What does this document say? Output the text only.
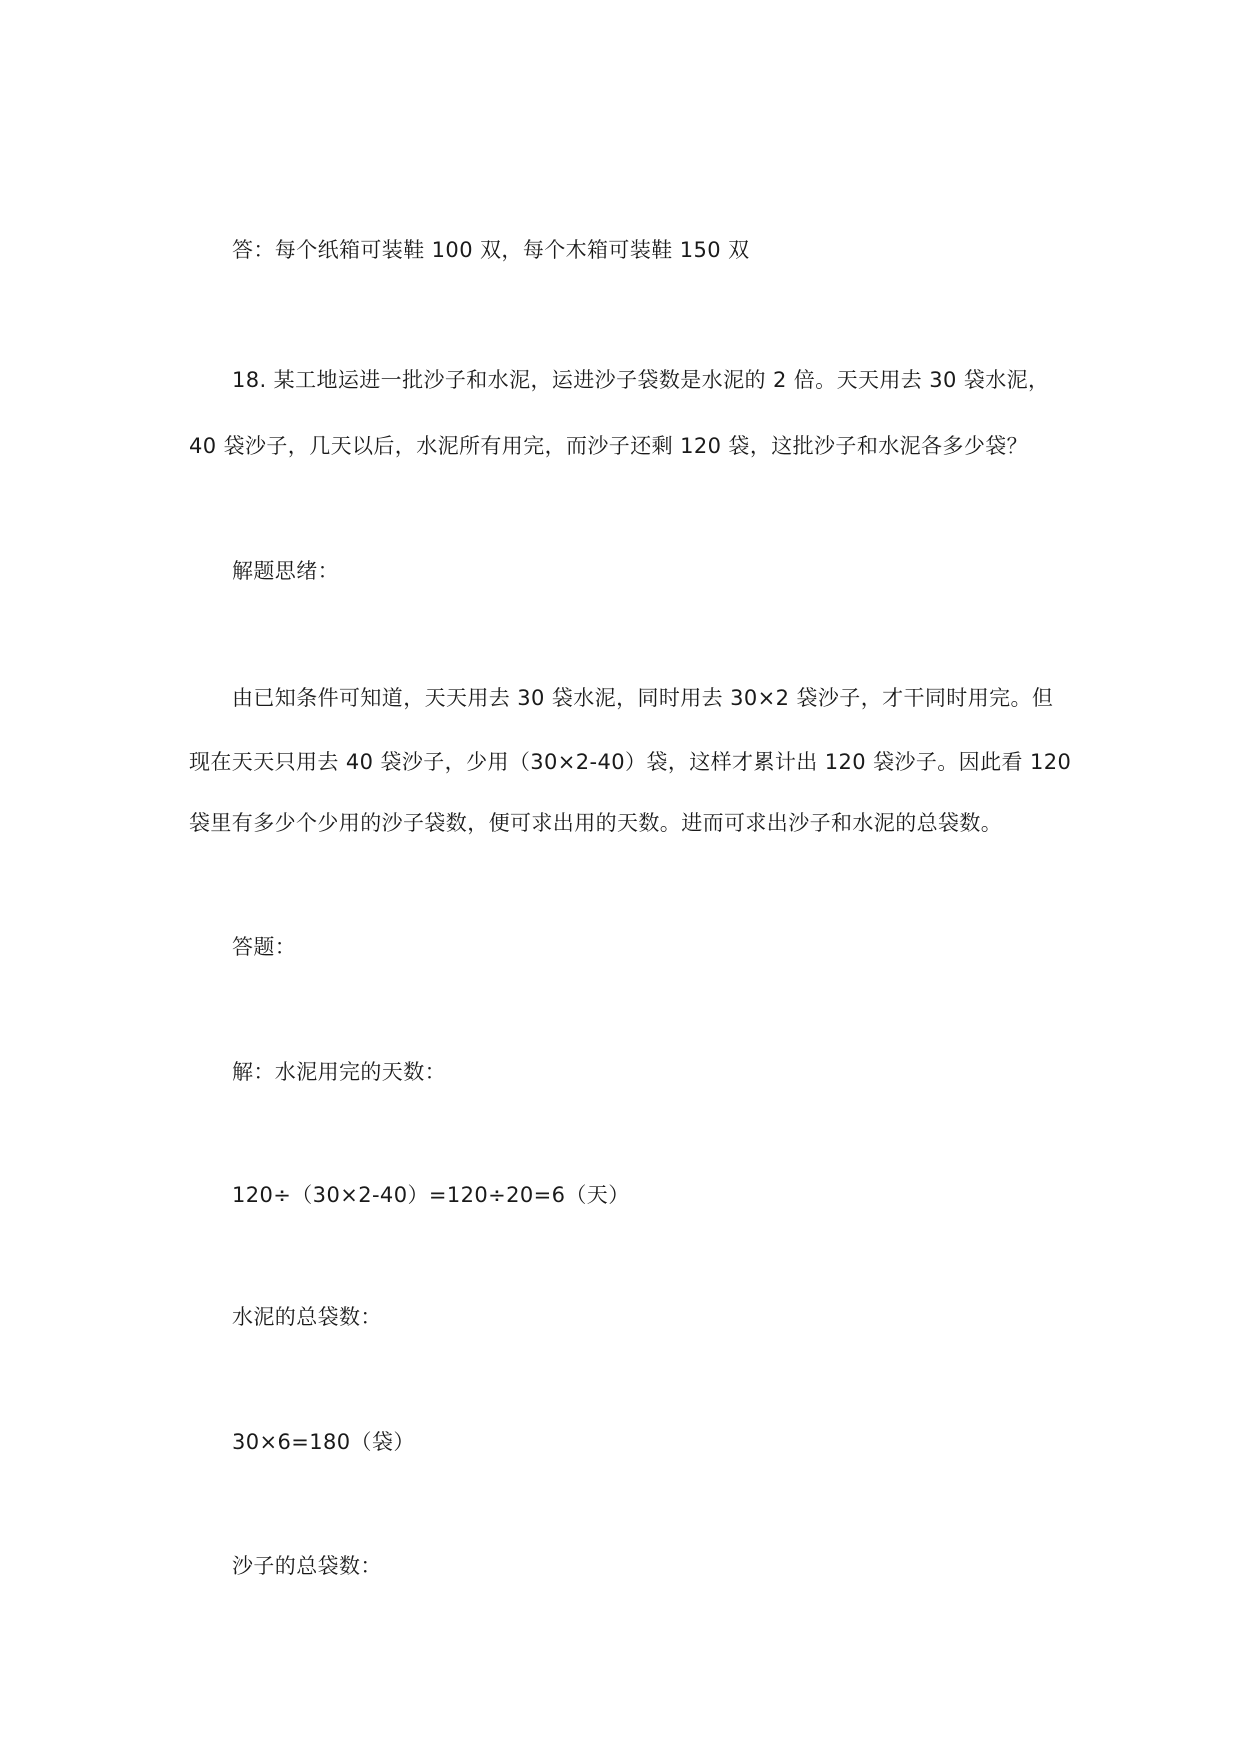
答：每个纸箱可装鞋 100 双，每个木箱可装鞋 150 双
18. 某工地运进一批沙子和水泥，运进沙子袋数是水泥的 2 倍。天天用去 30 袋水泥，
40 袋沙子，几天以后，水泥所有用完，而沙子还剩 120 袋，这批沙子和水泥各多少袋？
解题思绪：
由已知条件可知道，天天用去 30 袋水泥，同时用去 30×2 袋沙子，才干同时用完。但
现在天天只用去 40 袋沙子，少用（30×2-40）袋，这样才累计出 120 袋沙子。因此看 120
袋里有多少个少用的沙子袋数，便可求出用的天数。进而可求出沙子和水泥的总袋数。
答题：
解：水泥用完的天数：
120÷（30×2-40）=120÷20=6（天）
水泥的总袋数：
30×6=180（袋）
沙子的总袋数：
